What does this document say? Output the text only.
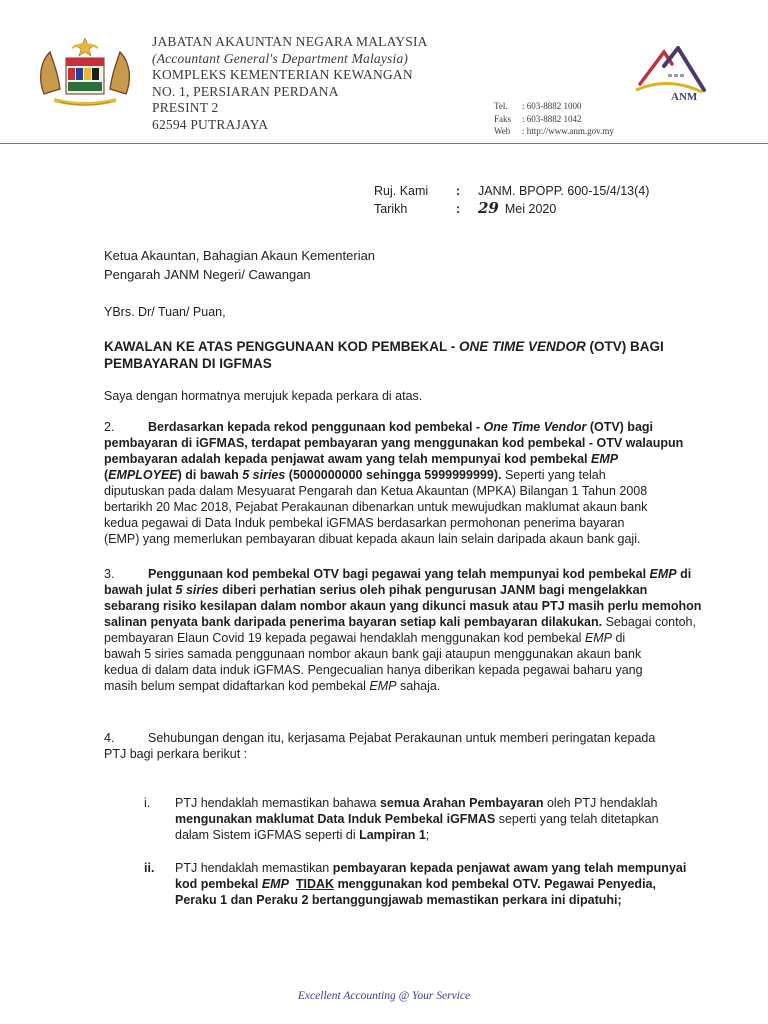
JABATAN AKAUNTAN NEGARA MALAYSIA
(Accountant General's Department Malaysia)
KOMPLEKS KEMENTERIAN KEWANGAN
NO. 1, PERSIARAN PERDANA
PRESINT 2
62594 PUTRAJAYA
ANM
Tel. : 603-8882 1000
Faks : 603-8882 1042
Web : http://www.anm.gov.my
Ruj. Kami : JANM. BPOPP. 600-15/4/13(4)
Tarikh	: 29 Mei 2020
Ketua Akauntan, Bahagian Akaun Kementerian
Pengarah JANM Negeri/ Cawangan
YBrs. Dr/ Tuan/ Puan,
KAWALAN KE ATAS PENGGUNAAN KOD PEMBEKAL - ONE TIME VENDOR (OTV) BAGI
PEMBAYARAN DI IGFMAS
Saya dengan hormatnya merujuk kepada perkara di atas.
2.	Berdasarkan kepada rekod penggunaan kod pembekal - One Time Vendor (OTV) bagi
pembayaran di iGFMAS, terdapat pembayaran yang menggunakan kod pembekal - OTV walaupun
pembayaran adalah kepada penjawat awam yang telah mempunyai kod pembekal EMP
(EMPLOYEE) di bawah 5 siries (5000000000 sehingga 5999999999). Seperti yang telah
diputuskan pada dalam Mesyuarat Pengarah dan Ketua Akauntan (MPKA) Bilangan 1 Tahun 2008
bertarikh 20 Mac 2018, Pejabat Perakaunan dibenarkan untuk mewujudkan maklumat akaun bank
kedua pegawai di Data Induk pembekal iGFMAS berdasarkan permohonan penerima bayaran
(EMP) yang memerlukan pembayaran dibuat kepada akaun lain selain daripada akaun bank gaji.
3.	Penggunaan kod pembekal OTV bagi pegawai yang telah mempunyai kod pembekal EMP di
bawah julat 5 siries diberi perhatian serius oleh pihak pengurusan JANM bagi mengelakkan
sebarang risiko kesilapan dalam nombor akaun yang dikunci masuk atau PTJ masih perlu memohon
salinan penyata bank daripada penerima bayaran setiap kali pembayaran dilakukan. Sebagai contoh,
pembayaran Elaun Covid 19 kepada pegawai hendaklah menggunakan kod pembekal EMP di
bawah 5 siries samada penggunaan nombor akaun bank gaji ataupun menggunakan akaun bank
kedua di dalam data induk iGFMAS. Pengecualian hanya diberikan kepada pegawai baharu yang
masih belum sempat didaftarkan kod pembekal EMP sahaja.
4.	Sehubungan dengan itu, kerjasama Pejabat Perakaunan untuk memberi peringatan kepada
PTJ bagi perkara berikut :
i. PTJ hendaklah memastikan bahawa semua Arahan Pembayaran oleh PTJ hendaklah
mengunakan maklumat Data Induk Pembekal iGFMAS seperti yang telah ditetapkan
dalam Sistem iGFMAS seperti di Lampiran 1;
ii. PTJ hendaklah memastikan pembayaran kepada penjawat awam yang telah mempunyai
kod pembekal EMP TIDAK menggunakan kod pembekal OTV. Pegawai Penyedia,
Peraku 1 dan Peraku 2 bertanggungjawab memastikan perkara ini dipatuhi;
Excellent Accounting @ Your Service
